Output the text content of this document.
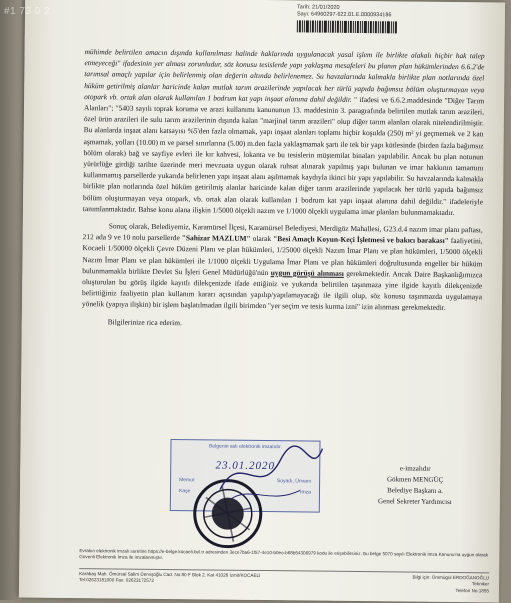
Tarih: 21/01/2020
Sayı: 64960297-622.01.E.0000934186

mühimde belirtilen amacın dışında kullanılması halinde haklarında uygulanacak yasal işlem ile birlikte alakalı hiçbir hak talep etmeyeceği" ifadesinin yer alması zorunludur, söz konusu tesislerde yapı yaklaşma mesafeleri bu planın plan hükümlerinden 6.6.2'de tarımsal amaçlı yapılar için belirlenmiş olan değerin altında belirlenemez. Su havzalarında kalmakla birlikte plan notlarında özel hüküm getirilmiş alanlar haricinde kalan mutlak tarım arazilerinde yapılacak her türlü yapıda bağımsız bölüm oluşturmayan veya otopark vb. ortak alan olarak kullanılan 1 bodrum kat yapı inşaat alanına dahil değildir. " ifadesi ve 6.6.2.maddesinde "Diğer Tarım Alanları"; "5403 sayılı toprak koruma ve arazi kullanımı kanununun 13. maddesinin 3. paragrafında belirtilen mutlak tarım arazileri, özel ürün arazileri ile sulu tarım arazilerinin dışında kalan "marjinal tarım arazileri" olup diğer tarım alanları olarak nitelendirilmiştir. Bu alanlarda inşaat alanı katsayısı %5'den fazla olmamak, yapı inşaat alanları toplamı hiçbir koşulda (250) m² yi geçmemek ve 2 katı aşmamak, yolları (10.00) m ve parsel sınırlarına (5.00) m.den fazla yaklaşmamak şartı ile tek bir yapı kütlesinde (birden fazla bağımsız bölüm olarak) bağ ve sayfiye evleri ile kır kahvesi, lokanta ve bu tesislerin müştemilat binaları yapılabilir. Ancak bu plan notunun yürürlüğe girdiği tarihte üzerinde meri mevzuata uygun olarak ruhsat alınarak yapılmış yapı bulunan ve imar hakkının tamamını kullanmamış parsellerde yukarıda belirlenen yapı inşaat alanı aşılmamak kaydıyla ikinci bir yapı yapılabilir. Su havzalarında kalmakla birlikte plan notlarında özel hüküm getirilmiş alanlar haricinde kalan diğer tarım arazilerinde yapılacak her türlü yapıda bağımsız bölüm oluşturmayan veya otopark, vb. ortak alan olarak kullanılan 1 bodrum kat yapı inşaat alanına dahil değildir." ifadeleriyle tanımlanmaktadır. Bahse konu alana ilişkin 1/5000 ölçekli nazım ve 1/1000 ölçekli uygulama imar planları bulunmamaktadır.

Sonuç olarak, Belediyemiz, Karamürsel İlçesi, Karamürsel Belediyesi, Merdigöz Mahallesi, G23.d.4 nazım imar planı paftası, 212 ada 9 ve 10 nolu parsellerde "Sahizar MAZLUM" olarak "Besi Amaçlı Koyun-Keçi İşletmesi ve bakıcı barakası" faaliyetini, Kocaeli 1/50000 ölçekli Çevre Düzeni Planı ve plan hükümleri, 1/25000 ölçekli Nazım İmar Planı ve plan hükümleri, 1/5000 ölçekli Nazım İmar Planı ve plan hükümleri ile 1/1000 ölçekli Uygulama İmar Planı ve plan hükümleri doğrultusunda engeller bir hüküm bulunmamakla birlikte Devlet Su İşleri Genel Müdürlüğü'nün uygun görüşü alınması gerekmektedir. Ancak Daire Başkanlığımızca oluşturulan bu görüş ilgide kayıtlı dilekçenizde ifade ettiğiniz ve yukarıda belirtilen taşınmaza yine ilgide kayıtlı dilekçenizde belirttiğiniz faaliyetin plan kullanım kararı açısından yapılıp/yapılamayacağı ile ilgili olup, söz konusu taşınmazda uygulamaya yönelik (yapıya ilişkin) bir işlem başlatılmadan ilgili birimden "yer seçim ve tesis kurma izni" izin alınması gerekmektedir.

Bilgilerinize rica ederim.

Belgenin aslı elektronik imzalıdır.
23.01.2020
Memur	Soyadı, Ünvanı
Kaşe	İmza
e-imzalıdır
Gökmen MENGÜÇ
Belediye Başkanı a.
Genel Sekreter Yardımcısı
Evrakın elektronik imzalı suretine https://e-belge.kocaeli.bel.tr adresinden 3ece7ba6-1f57-4e10-b0eo-b68b54306979 kodu ile erişebilirsiniz. Bu belge 5070 sayılı Elektronik İmza Kanunu'na uygun olarak Güvenli Elektronik İmza ile imzalanmıştır.
Karabaş Mah. Ömürsal Salim Dervişoğlu Cad. No:80 F Blok 2. Kat 41028 İzmit/KOCAELİ
Tel:02623181000 Fax: 02623172572
Bilgi için: Ümmügül ERDOĞANOĞLU
Tekniker
Telefon No:1855
#1 73 0 2
